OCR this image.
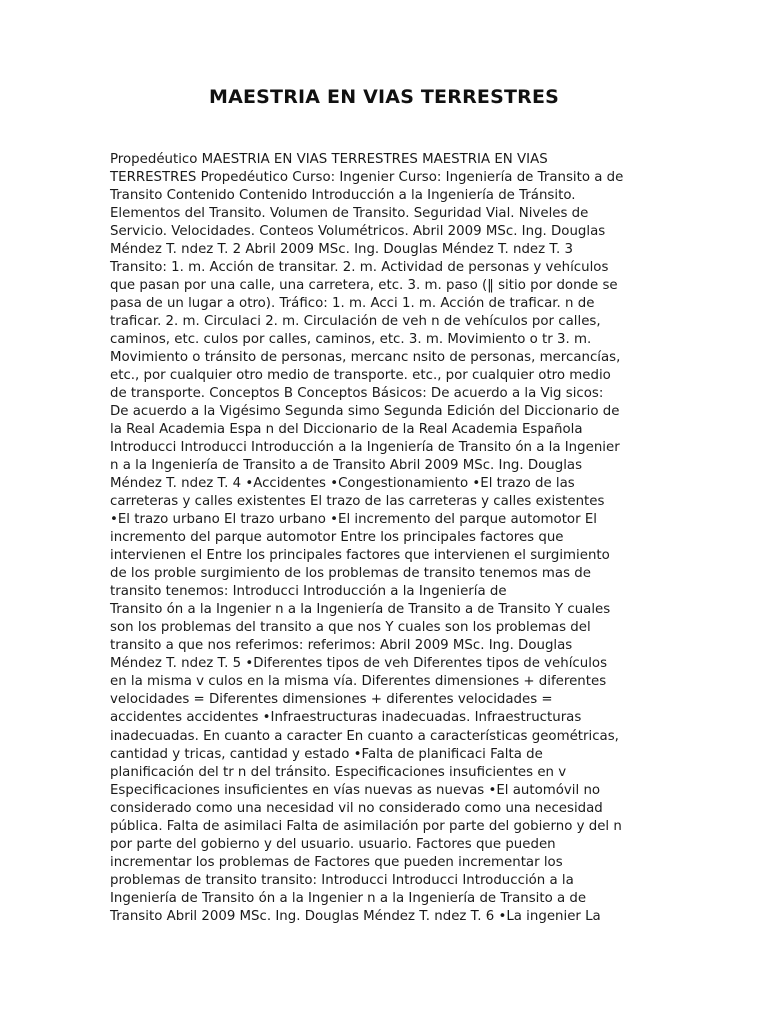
MAESTRIA EN VIAS TERRESTRES
Propedéutico MAESTRIA EN VIAS TERRESTRES MAESTRIA EN VIAS
TERRESTRES Propedéutico Curso: Ingenier Curso: Ingeniería de Transito a de
Transito Contenido Contenido Introducción a la Ingeniería de Tránsito.
Elementos del Transito. Volumen de Transito. Seguridad Vial. Niveles de
Servicio. Velocidades. Conteos Volumétricos. Abril 2009 MSc. Ing. Douglas
Méndez T. ndez T. 2 Abril 2009 MSc. Ing. Douglas Méndez T. ndez T. 3
Transito: 1. m. Acción de transitar. 2. m. Actividad de personas y vehículos
que pasan por una calle, una carretera, etc. 3. m. paso (‖ sitio por donde se
pasa de un lugar a otro). Tráfico: 1. m. Acci 1. m. Acción de traficar. n de
traficar. 2. m. Circulaci 2. m. Circulación de veh n de vehículos por calles,
caminos, etc. culos por calles, caminos, etc. 3. m. Movimiento o tr 3. m.
Movimiento o tránsito de personas, mercanc nsito de personas, mercancías,
etc., por cualquier otro medio de transporte. etc., por cualquier otro medio
de transporte. Conceptos B Conceptos Básicos: De acuerdo a la Vig sicos:
De acuerdo a la Vigésimo Segunda simo Segunda Edición del Diccionario de
la Real Academia Espa n del Diccionario de la Real Academia Española
Introducci Introducci Introducción a la Ingeniería de Transito ón a la Ingenier
n a la Ingeniería de Transito a de Transito Abril 2009 MSc. Ing. Douglas
Méndez T. ndez T. 4 •Accidentes •Congestionamiento •El trazo de las
carreteras y calles existentes El trazo de las carreteras y calles existentes
•El trazo urbano El trazo urbano •El incremento del parque automotor El
incremento del parque automotor Entre los principales factores que
intervienen el Entre los principales factores que intervienen el surgimiento
de los proble surgimiento de los problemas de transito tenemos mas de
transito tenemos: Introducci Introducción a la Ingeniería de
Transito ón a la Ingenier n a la Ingeniería de Transito a de Transito Y cuales
son los problemas del transito a que nos Y cuales son los problemas del
transito a que nos referimos: referimos: Abril 2009 MSc. Ing. Douglas
Méndez T. ndez T. 5 •Diferentes tipos de veh Diferentes tipos de vehículos
en la misma v culos en la misma vía. Diferentes dimensiones + diferentes
velocidades = Diferentes dimensiones + diferentes velocidades =
accidentes accidentes •Infraestructuras inadecuadas. Infraestructuras
inadecuadas. En cuanto a caracter En cuanto a características geométricas,
cantidad y tricas, cantidad y estado •Falta de planificaci Falta de
planificación del tr n del tránsito. Especificaciones insuficientes en v
Especificaciones insuficientes en vías nuevas as nuevas •El automóvil no
considerado como una necesidad vil no considerado como una necesidad
pública. Falta de asimilaci Falta de asimilación por parte del gobierno y del n
por parte del gobierno y del usuario. usuario. Factores que pueden
incrementar los problemas de Factores que pueden incrementar los
problemas de transito transito: Introducci Introducci Introducción a la
Ingeniería de Transito ón a la Ingenier n a la Ingeniería de Transito a de
Transito Abril 2009 MSc. Ing. Douglas Méndez T. ndez T. 6 •La ingenier La
